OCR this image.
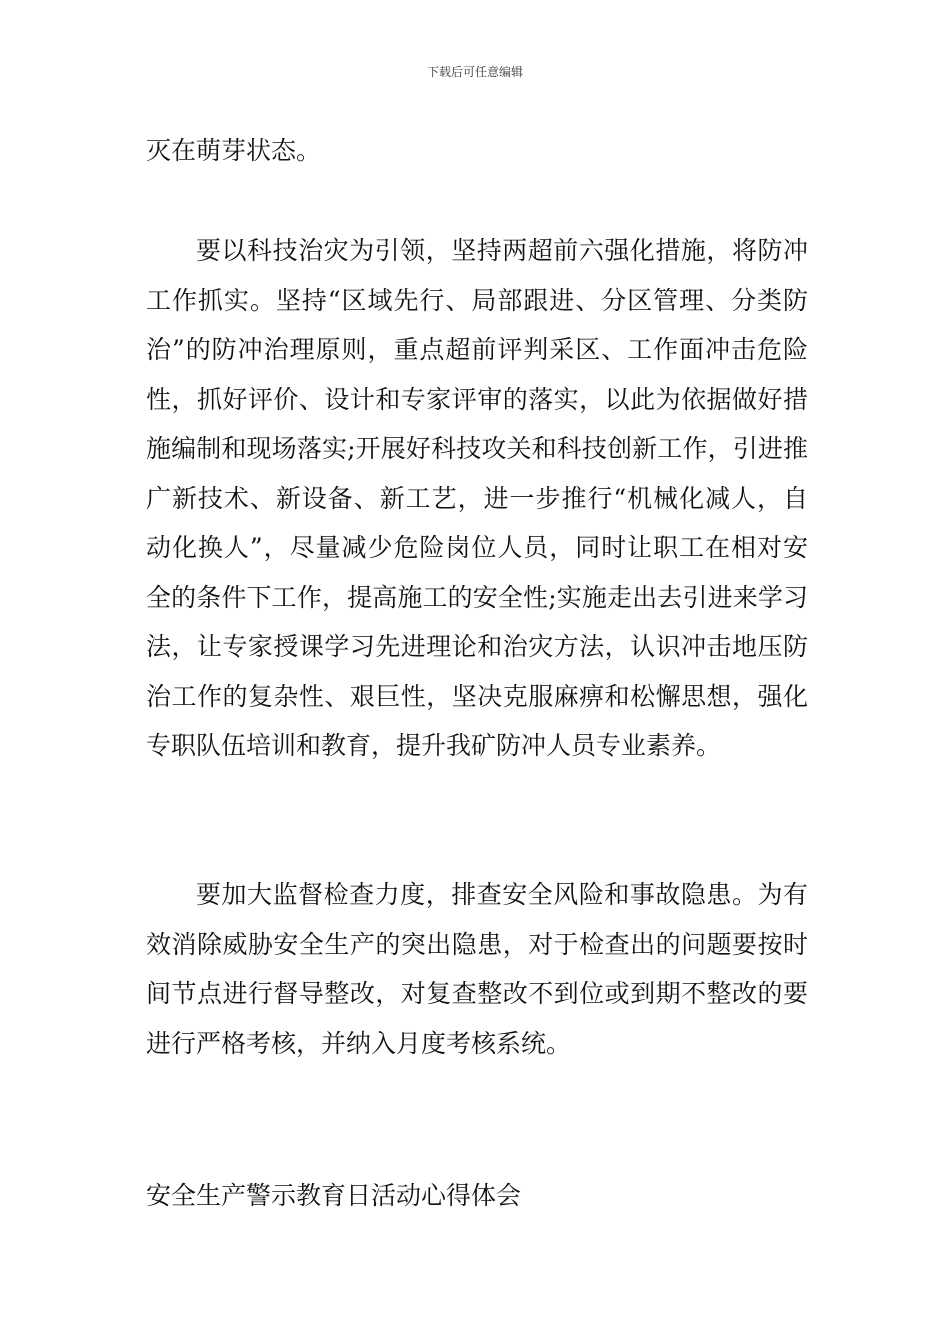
下载后可任意编辑

灭在萌芽状态。

要以科技治灾为引领，坚持两超前六强化措施，将防冲工作抓实。坚持“区域先行、局部跟进、分区管理、分类防治”的防冲治理原则，重点超前评判采区、工作面冲击危险性，抓好评价、设计和专家评审的落实，以此为依据做好措施编制和现场落实;开展好科技攻关和科技创新工作，引进推广新技术、新设备、新工艺，进一步推行“机械化减人，自动化换人”，尽量减少危险岗位人员，同时让职工在相对安全的条件下工作，提高施工的安全性;实施走出去引进来学习法，让专家授课学习先进理论和治灾方法，认识冲击地压防治工作的复杂性、艰巨性，坚决克服麻痹和松懈思想，强化专职队伍培训和教育，提升我矿防冲人员专业素养。

要加大监督检查力度，排查安全风险和事故隐患。为有效消除威胁安全生产的突出隐患，对于检查出的问题要按时间节点进行督导整改，对复查整改不到位或到期不整改的要进行严格考核，并纳入月度考核系统。

安全生产警示教育日活动心得体会
